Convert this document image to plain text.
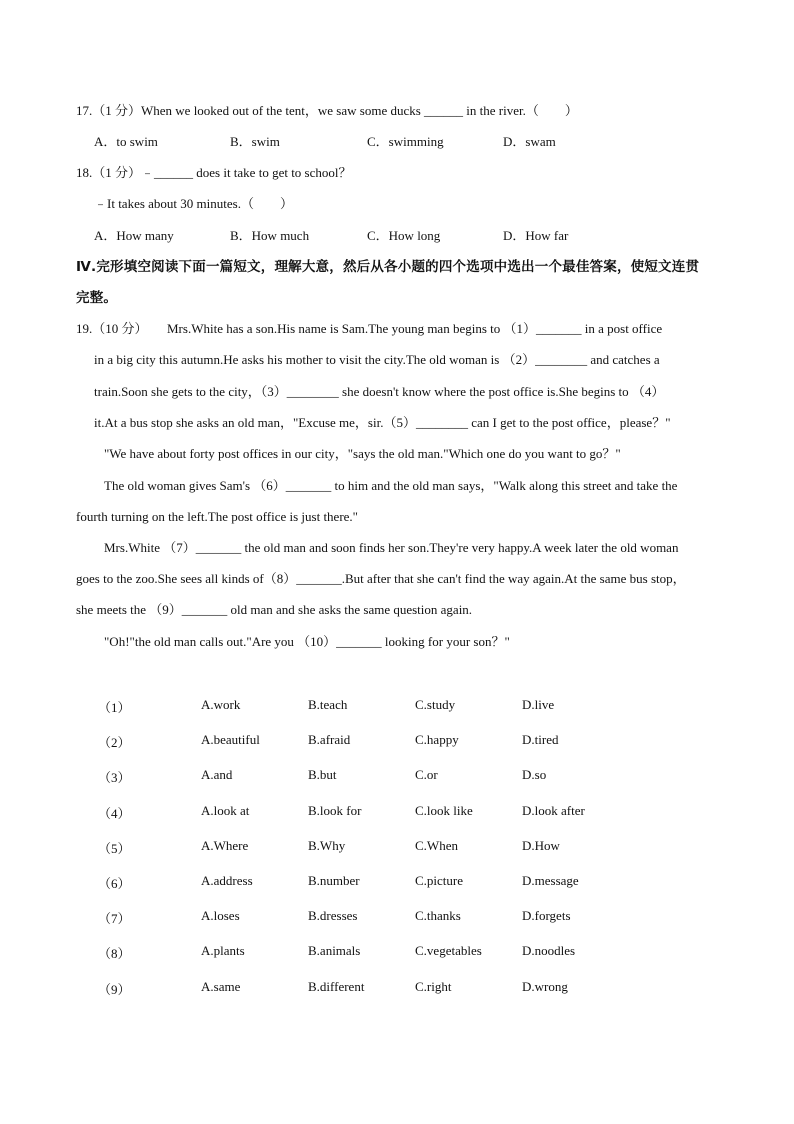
17.（1 分）When we looked out of the tent，we saw some ducks ______ in the river.（　　）
A．to swim	B．swim	C．swimming	D．swam
18.（1 分）﹣______ does it take to get to school？
﹣It takes about 30 minutes.（　　）
A．How many	B．How much	C．How long	D．How far
Ⅳ.完形填空阅读下面一篇短文，理解大意，然后从各小题的四个选项中选出一个最佳答案，使短文连贯
完整。
19.（10 分）　　Mrs.White has a son.His name is Sam.The young man begins to （1）_______ in a post office
in a big city this autumn.He asks his mother to visit the city.The old woman is （2）________ and catches a
train.Soon she gets to the city，（3）________ she doesn't know where the post office is.She begins to （4）
it.At a bus stop she asks an old man，"Excuse me，sir.（5）________ can I get to the post office，please？"
"We have about forty post offices in our city，"says the old man."Which one do you want to go？"
The old woman gives Sam's （6）_______ to him and the old man says，"Walk along this street and take the
fourth turning on the left.The post office is just there."
Mrs.White （7）_______ the old man and soon finds her son.They're very happy.A week later the old woman
goes to the zoo.She sees all kinds of（8）_______.But after that she can't find the way again.At the same bus stop，
she meets the （9）_______ old man and she asks the same question again.
"Oh!"the old man calls out."Are you （10）_______ looking for your son？"
（1）	A.work	B.teach	C.study	D.live
（2）	A.beautiful	B.afraid	C.happy	D.tired
（3）	A.and	B.but	C.or	D.so
（4）	A.look at	B.look for	C.look like	D.look after
（5）	A.Where	B.Why	C.When	D.How
（6）	A.address	B.number	C.picture	D.message
（7）	A.loses	B.dresses	C.thanks	D.forgets
（8）	A.plants	B.animals	C.vegetables	D.noodles
（9）	A.same	B.different	C.right	D.wrong
